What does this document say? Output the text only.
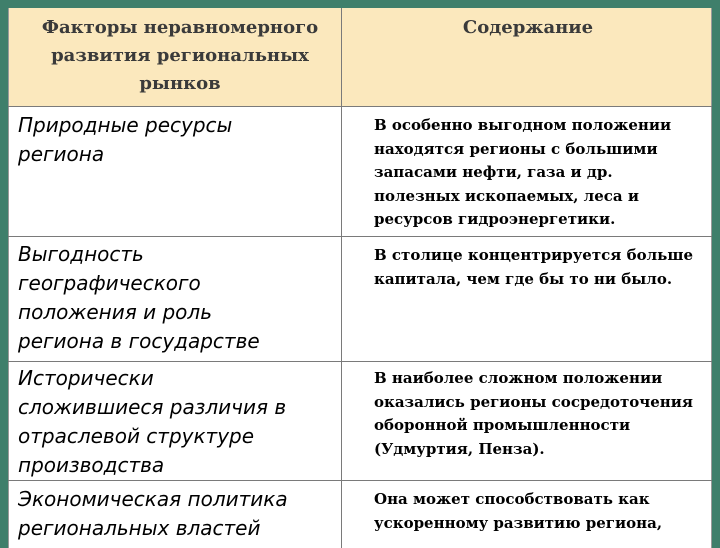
Факторы неравномерного развития региональных рынков
Содержание
Природные ресурсы
региона
В особенно выгодном положении
находятся регионы с большими
запасами нефти, газа и др.
полезных ископаемых, леса и
ресурсов гидроэнергетики.
Выгодность
географического
положения и роль
региона в государстве
В столице концентрируется больше
капитала, чем где бы то ни было.
Исторически
сложившиеся различия в
отраслевой структуре
производства
В наиболее сложном положении
оказались регионы сосредоточения
оборонной промышленности
(Удмуртия, Пенза).
Экономическая политика
региональных властей
Она может способствовать как
ускоренному развитию региона,
